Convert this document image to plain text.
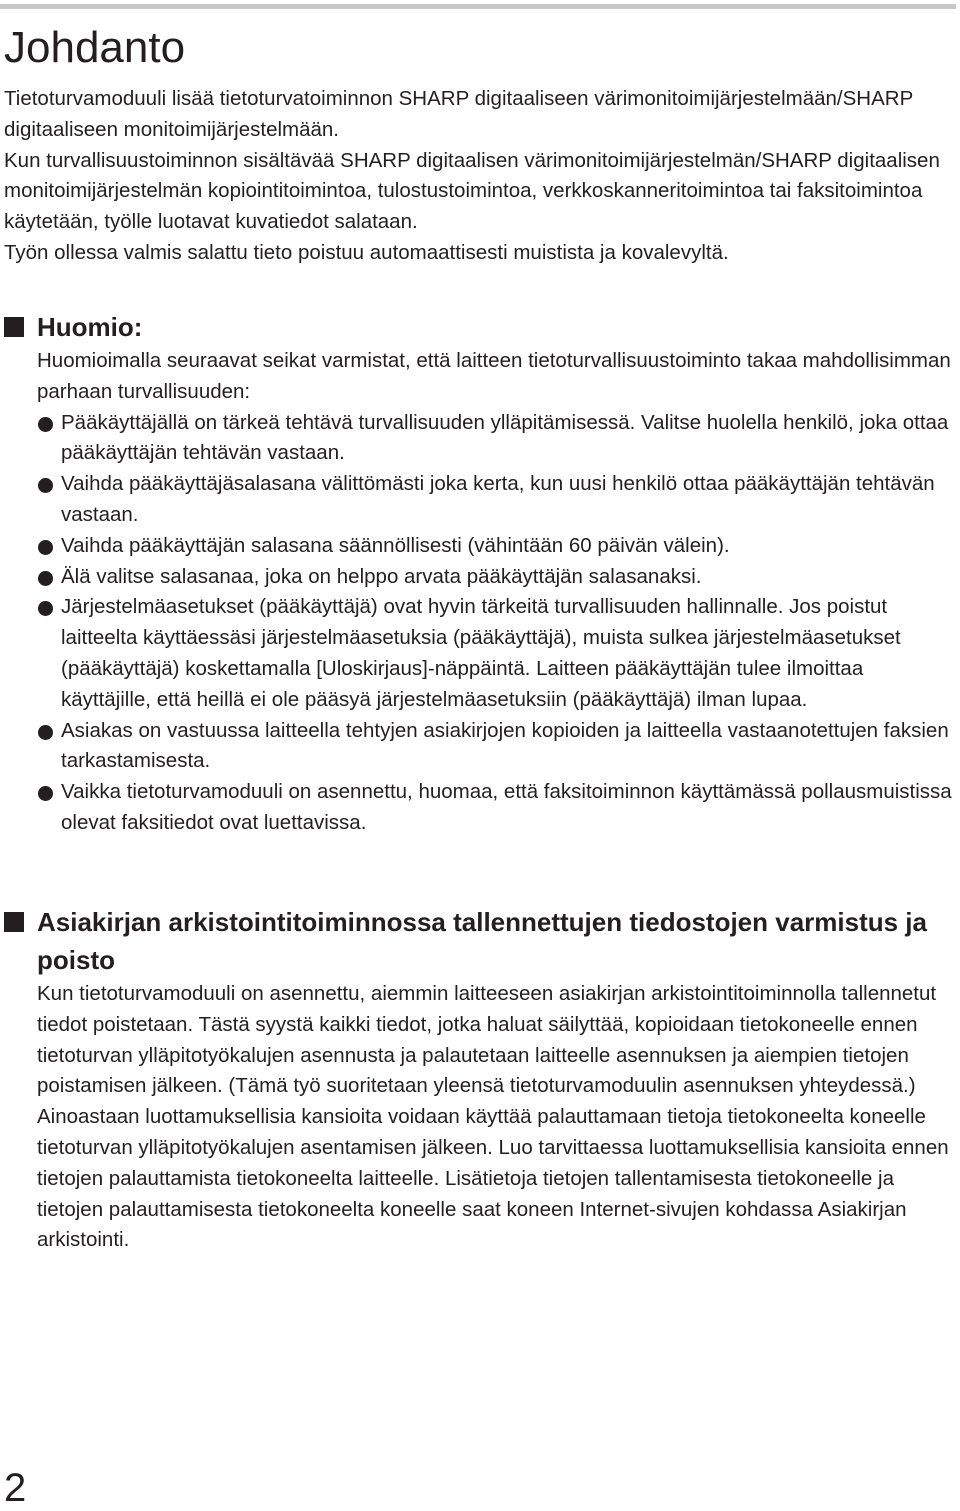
Johdanto

Tietoturvamoduuli lisää tietoturvatoiminnon SHARP digitaaliseen värimonitoimijärjestelmään/SHARP digitaaliseen monitoimijärjestelmään.

Kun turvallisuustoiminnon sisältävää SHARP digitaalisen värimonitoimijärjestelmän/SHARP digitaalisen monitoimijärjestelmän kopiointitoimintoa, tulostustoimintoa, verkkoskanneritoimintoa tai faksitoimintoa käytetään, työlle luotavat kuvatiedot salataan.

Työn ollessa valmis salattu tieto poistuu automaattisesti muistista ja kovalevyltä.

Huomio:

Huomioimalla seuraavat seikat varmistat, että laitteen tietoturvallisuustoiminto takaa mahdollisimman parhaan turvallisuuden:

Pääkäyttäjällä on tärkeä tehtävä turvallisuuden ylläpitämisessä. Valitse huolella henkilö, joka ottaa pääkäyttäjän tehtävän vastaan.
Vaihda pääkäyttäjäsalasana välittömästi joka kerta, kun uusi henkilö ottaa pääkäyttäjän tehtävän vastaan.
Vaihda pääkäyttäjän salasana säännöllisesti (vähintään 60 päivän välein).
Älä valitse salasanaa, joka on helppo arvata pääkäyttäjän salasanaksi.
Järjestelmäasetukset (pääkäyttäjä) ovat hyvin tärkeitä turvallisuuden hallinnalle. Jos poistut laitteelta käyttäessäsi järjestelmäasetuksia (pääkäyttäjä), muista sulkea järjestelmäasetukset (pääkäyttäjä) koskettamalla [Uloskirjaus]-näppäintä. Laitteen pääkäyttäjän tulee ilmoittaa käyttäjille, että heillä ei ole pääsyä järjestelmäasetuksiin (pääkäyttäjä) ilman lupaa.
Asiakas on vastuussa laitteella tehtyjen asiakirjojen kopioiden ja laitteella vastaanotettujen faksien tarkastamisesta.
Vaikka tietoturvamoduuli on asennettu, huomaa, että faksitoiminnon käyttämässä pollausmuistissa olevat faksitiedot ovat luettavissa.
Asiakirjan arkistointitoiminnossa tallennettujen tiedostojen varmistus ja poisto

Kun tietoturvamoduuli on asennettu, aiemmin laitteeseen asiakirjan arkistointitoiminnolla tallennetut tiedot poistetaan. Tästä syystä kaikki tiedot, jotka haluat säilyttää, kopioidaan tietokoneelle ennen tietoturvan ylläpitotyökalujen asennusta ja palautetaan laitteelle asennuksen ja aiempien tietojen poistamisen jälkeen. (Tämä työ suoritetaan yleensä tietoturvamoduulin asennuksen yhteydessä.)

Ainoastaan luottamuksellisia kansioita voidaan käyttää palauttamaan tietoja tietokoneelta koneelle tietoturvan ylläpitotyökalujen asentamisen jälkeen. Luo tarvittaessa luottamuksellisia kansioita ennen tietojen palauttamista tietokoneelta laitteelle. Lisätietoja tietojen tallentamisesta tietokoneelle ja tietojen palauttamisesta tietokoneelta koneelle saat koneen Internet-sivujen kohdassa Asiakirjan arkistointi.

2
